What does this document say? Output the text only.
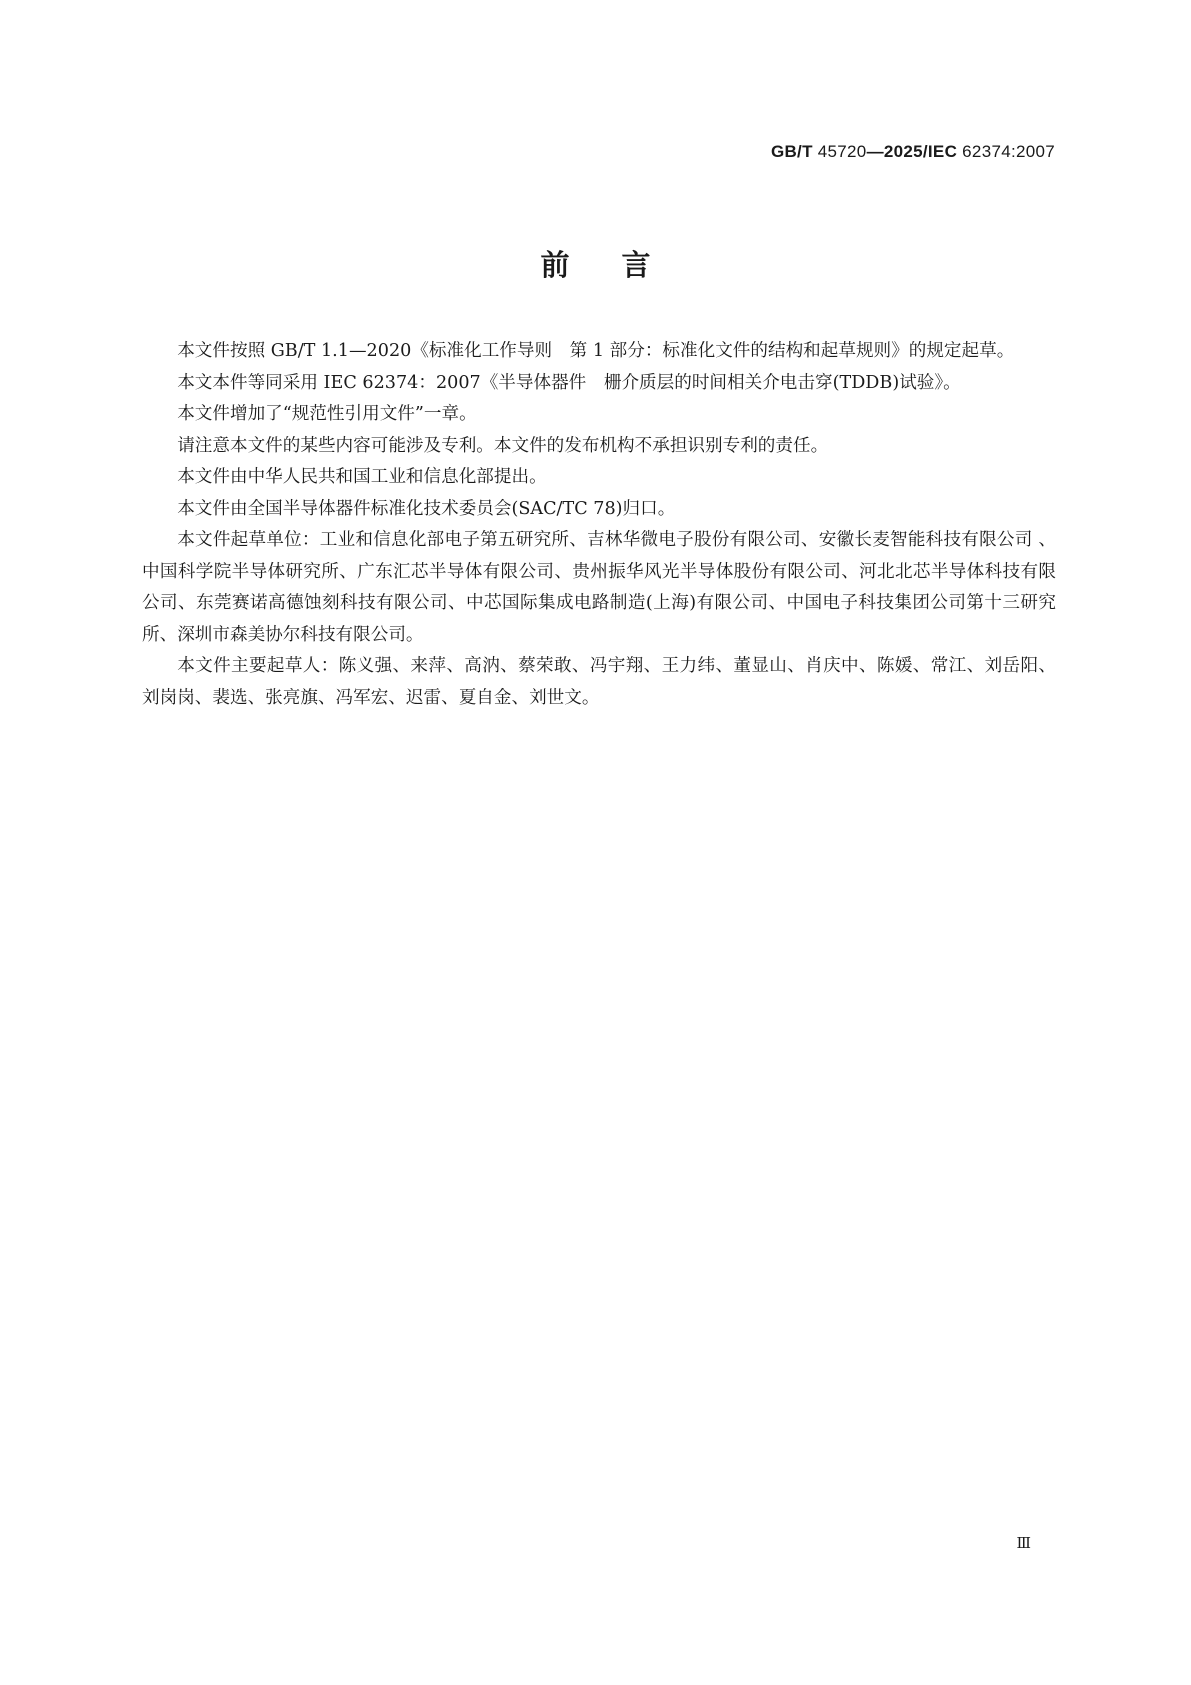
GB/T 45720—2025/IEC 62374:2007
前言

本文件按照 GB/T 1.1—2020《标准化工作导则　第 1 部分：标准化文件的结构和起草规则》的规定起草。

本文本件等同采用 IEC 62374：2007《半导体器件　栅介质层的时间相关介电击穿(TDDB)试验》。

本文件增加了“规范性引用文件”一章。

请注意本文件的某些内容可能涉及专利。本文件的发布机构不承担识别专利的责任。

本文件由中华人民共和国工业和信息化部提出。

本文件由全国半导体器件标准化技术委员会(SAC/TC 78)归口。

本文件起草单位：工业和信息化部电子第五研究所、吉林华微电子股份有限公司、安徽长麦智能科技有限公司 、中国科学院半导体研究所、广东汇芯半导体有限公司、贵州振华风光半导体股份有限公司、河北北芯半导体科技有限公司、东莞赛诺高德蚀刻科技有限公司、中芯国际集成电路制造(上海)有限公司、中国电子科技集团公司第十三研究所、深圳市森美协尔科技有限公司。

本文件主要起草人：陈义强、来萍、高汭、蔡荣敢、冯宇翔、王力纬、董显山、肖庆中、陈媛、常江、刘岳阳、刘岗岗、裴选、张亮旗、冯军宏、迟雷、夏自金、刘世文。

Ⅲ
